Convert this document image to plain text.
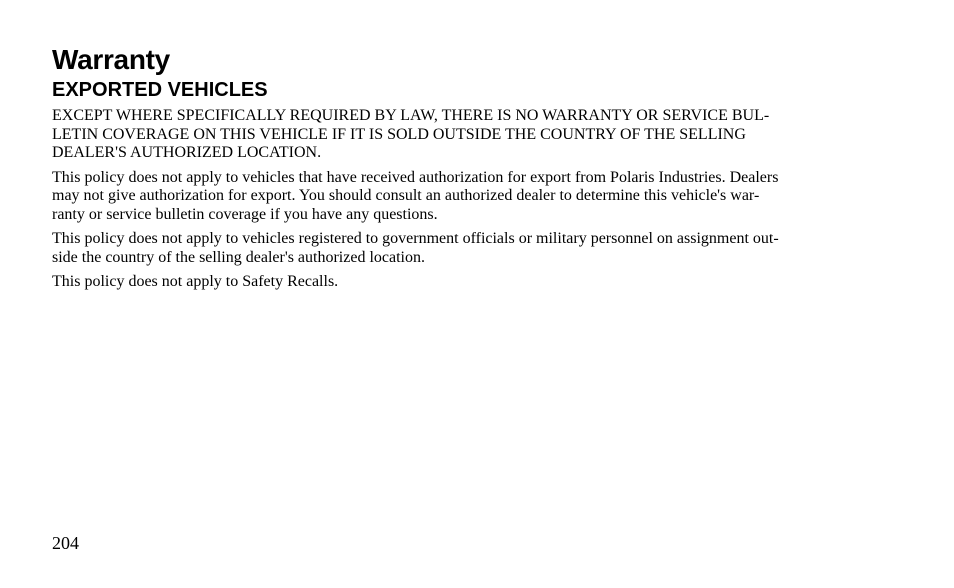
Warranty
EXPORTED VEHICLES

EXCEPT WHERE SPECIFICALLY REQUIRED BY LAW, THERE IS NO WARRANTY OR SERVICE BUL-
LETIN COVERAGE ON THIS VEHICLE IF IT IS SOLD OUTSIDE THE COUNTRY OF THE SELLING
DEALER'S AUTHORIZED LOCATION.

This policy does not apply to vehicles that have received authorization for export from Polaris Industries. Dealers
may not give authorization for export. You should consult an authorized dealer to determine this vehicle's war-
ranty or service bulletin coverage if you have any questions.

This policy does not apply to vehicles registered to government officials or military personnel on assignment out-
side the country of the selling dealer's authorized location.

This policy does not apply to Safety Recalls.

204
